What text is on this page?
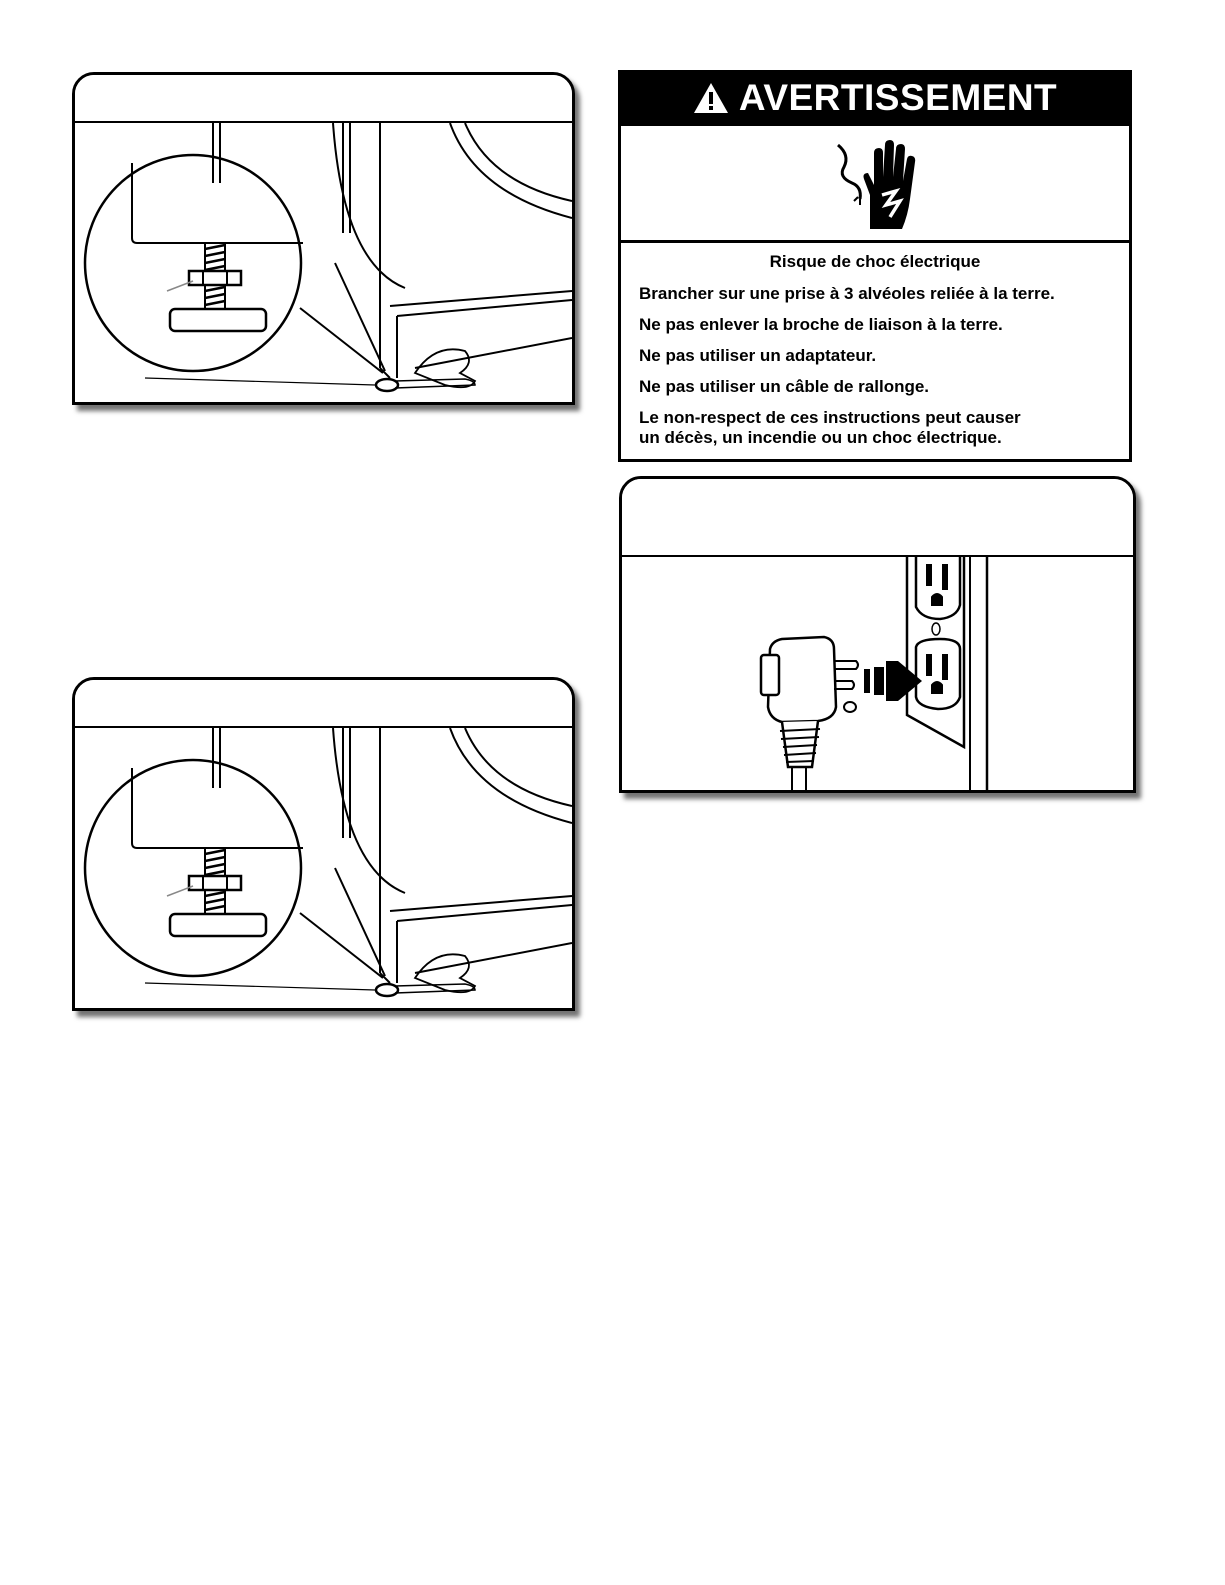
AVERTISSEMENT

Risque de choc électrique

Brancher sur une prise à 3 alvéoles reliée à la terre.

Ne pas enlever la broche de liaison à la terre.

Ne pas utiliser un adaptateur.

Ne pas utiliser un câble de rallonge.

Le non-respect de ces instructions peut causer
un décès, un incendie ou un choc électrique.
